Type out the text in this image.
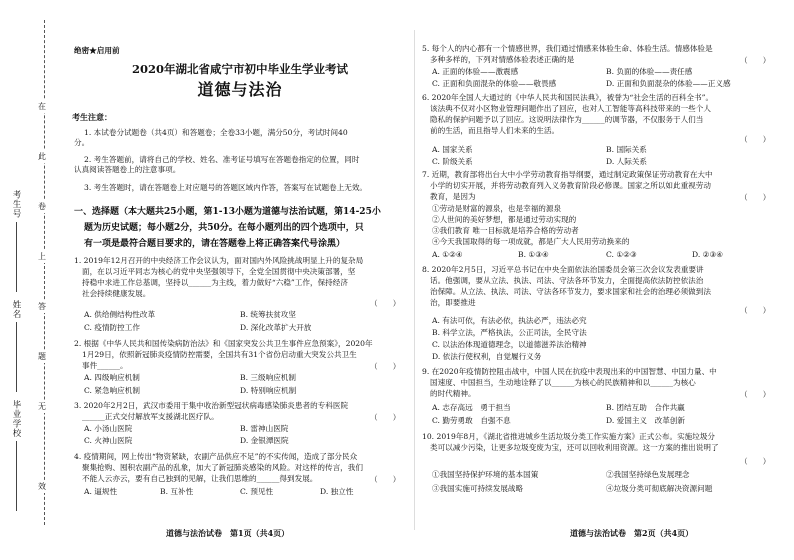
在
此
卷
上
答
题
无
效
考生号
姓名
毕业学校
绝密★启用前
2020年湖北省咸宁市初中毕业生学业考试
道德与法治
考生注意：
1. 本试卷分试题卷（共4页）和答题卷；全卷33小题，满分50分，考试时间40
分。
2. 考生答题前，请将自己的学校、姓名、准考证号填写在答题卷指定的位置，同时
认真阅读答题卷上的注意事项。
3. 考生答题时，请在答题卷上对应题号的答题区域内作答，答案写在试题卷上无效。
一、选择题（本大题共25小题，第1-13小题为道德与法治试题，第14-25小
题为历史试题；每小题2分，共50分。在每小题列出的四个选项中，只
有一项是最符合题目要求的，请在答题卷上将正确答案代号涂黑）
1. 2019年12月召开的中央经济工作会议认为，面对国内外风险挑战明显上升的复杂局
面，在以习近平同志为核心的党中央坚强领导下，全党全国贯彻中央决策部署，坚
持稳中求进工作总基调，坚持以______为主线，着力做好“六稳”工作，保持经济
社会持续健康发展。
（　　）
A. 供给侧结构性改革	B. 统筹扶贫攻坚
C. 疫情防控工作	D. 深化改革扩大开放
2. 根据《中华人民共和国传染病防治法》和《国家突发公共卫生事件应急预案》，2020年
1月29日，依照新冠肺炎疫情防控需要，全国共有31个省份启动重大突发公共卫生
事件______。	（　　）
A. 四级响应机制	B. 三级响应机制
C. 紧急响应机制	D. 特别响应机制
3. 2020年2月2日，武汉市委用于集中收治新型冠状病毒感染肺炎患者的专科医院
______正式交付解放军支援湖北医疗队。	（　　）
A. 小汤山医院	B. 雷神山医院
C. 火神山医院	D. 金银潭医院
4. 疫情期间，网上传出“物资紧缺，农副产品供应不足”的不实传闻，造成了部分民众
聚集抢购、囤积农副产品的乱象，加大了新冠肺炎感染的风险。对这样的传言，我们
不能人云亦云，要有自己独到的见解，让我们思维的______得到发展。	（　　）
A. 逼规性	B. 互补性	C. 预见性	D. 独立性
道德与法治试卷　第1页（共4页）
5. 每个人的内心都有一个情感世界，我们通过情感来体验生命、体验生活。情感体验是
多种多样的，下列对情感体验表述正确的是	（　　）
A. 正面的体验——激震感	B. 负面的体验——责任感
C. 正面和负面混杂的体验——敬畏感	D. 正面和负面混杂的体验——正义感
6. 2020年全国人大通过的《中华人民共和国民法典》，被誉为“社会生活的百科全书”。
该法典不仅对小区物业管理问题作出了回应，也对人工智能等高科技带来的一些个人
隐私的保护问题予以了回应。这说明法律作为______的调节器，不仅服务于人们当
前的生活，而且指导人们未来的生活。
（　　）
A. 国家关系	B. 国际关系
C. 阶级关系	D. 人际关系
7. 近期，教育部将出台大中小学劳动教育指导纲要，通过制定政策保证劳动教育在大中
小学的切实开展，并将劳动教育列入义务教育阶段必修课。国家之所以如此重视劳动
教育，是因为	（　　）
①劳动是财富的源泉，也是幸福的源泉
②人世间的美好梦想，都是通过劳动实现的
③我们教育 唯一目标就是培养合格的劳动者
④今天我国取得的每一项成就，都是广大人民用劳动换来的
A. ①②④	B. ①③④	C. ①②③	D. ②③④
8. 2020年2月5日，习近平总书记在中央全面依法治国委员会第三次会议发表重要讲
话。他强调，要从立法、执法、司法、守法各环节发力，全面提高依法防控依法治
治保障。从立法、执法、司法、守法各环节发力，要求国家和社会的治理必须做到法
治，即要推进
（　　）
A. 有法可依，有法必依，执法必严，违法必究
B. 科学立法，严格执法，公正司法，全民守法
C. 以法治体现道德理念，以道德滋养法治精神
D. 依法行使权利，自觉履行义务
9. 在2020年疫情防控阻击战中，中国人民在抗疫中表现出来的中国智慧、中国力量、中
国速度、中国担当，生动地诠释了以______为核心的民族精神和以______为核心
的时代精神。	（　　）
A. 志存高远　勇于担当	B. 团结互助　合作共赢
C. 勤劳勇敢　自强不息	D. 爱国主义　改革创新
10. 2019年8月，《湖北省推进城乡生活垃圾分类工作实施方案》正式公布。实施垃圾分
类可以减少污染，让更多垃圾变废为宝，还可以回收利用资源。这一方案的推出说明了
（　　）
①我国坚持保护环境的基本国策	②我国坚持绿色发展理念
③我国实施可持续发展战略	④垃圾分类可彻底解决资源问题
道德与法治试卷　第2页（共4页）
